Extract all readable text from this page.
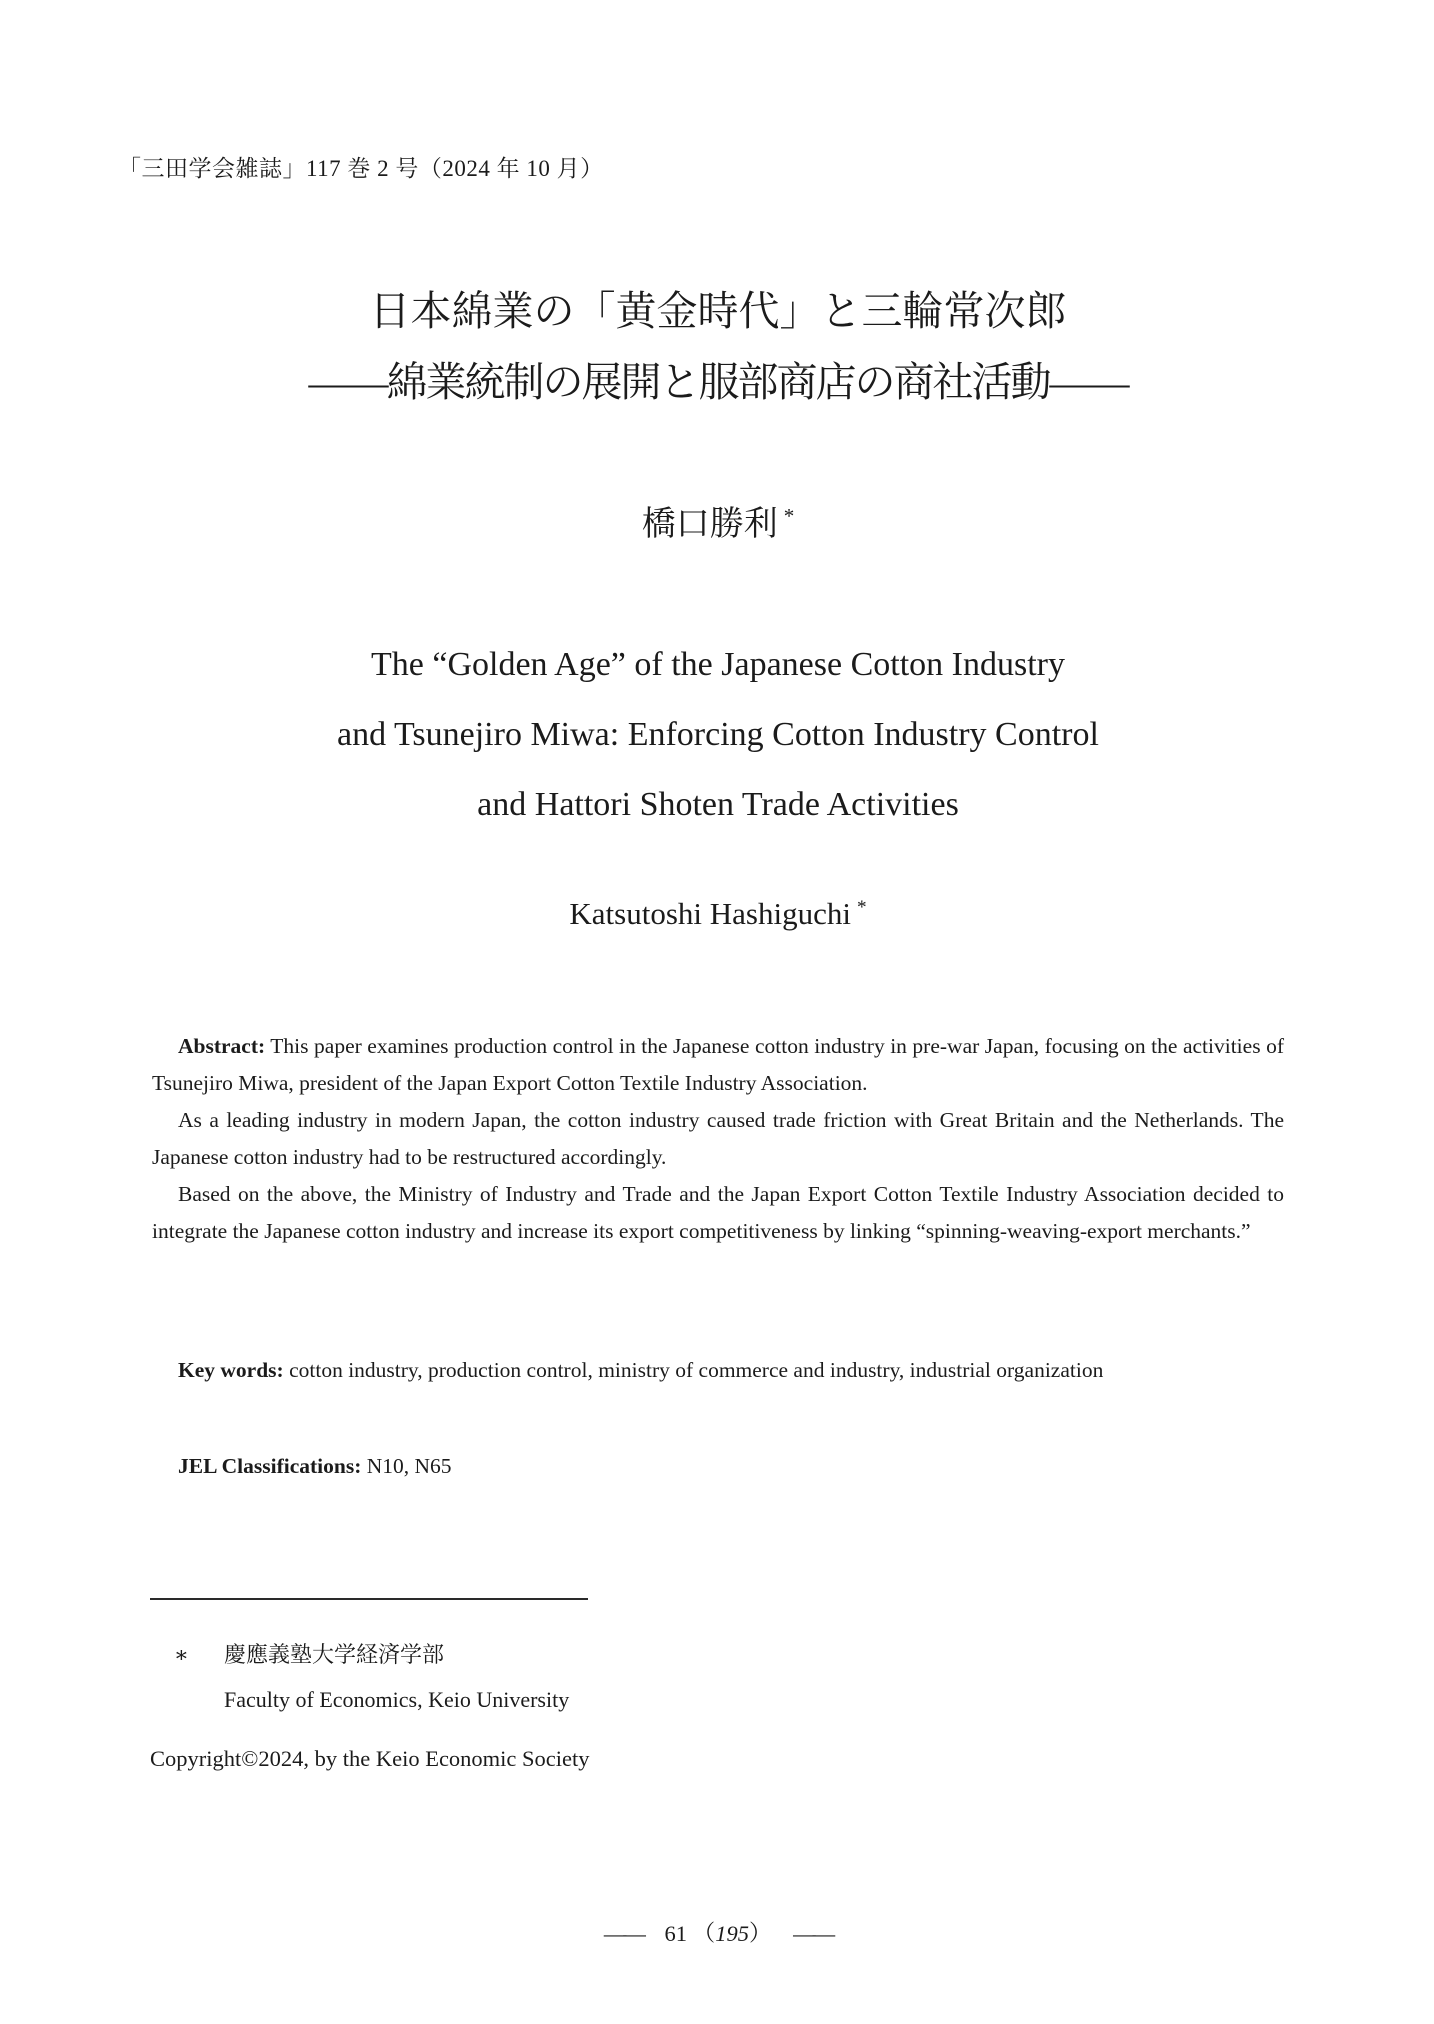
「三田学会雑誌」117 巻 2 号（2024 年 10 月）
日本綿業の「黄金時代」と三輪常次郎
——綿業統制の展開と服部商店の商社活動——
橋口勝利 *
The “Golden Age” of the Japanese Cotton Industry
and Tsunejiro Miwa: Enforcing Cotton Industry Control
and Hattori Shoten Trade Activities
Katsutoshi Hashiguchi *

Abstract: This paper examines production control in the Japanese cotton industry in pre-war Japan, focusing on the activities of Tsunejiro Miwa, president of the Japan Export Cotton Textile Industry Association.

As a leading industry in modern Japan, the cotton industry caused trade friction with Great Britain and the Netherlands. The Japanese cotton industry had to be restructured accordingly.

Based on the above, the Ministry of Industry and Trade and the Japan Export Cotton Textile Industry Association decided to integrate the Japanese cotton industry and increase its export competitiveness by linking “spinning-weaving-export merchants.”

Key words: cotton industry, production control, ministry of commerce and industry, industrial organization

JEL Classifications: N10, N65

∗	慶應義塾大学経済学部
Faculty of Economics, Keio University
Copyright©2024, by the Keio Economic Society
—— 61 （195） ——
